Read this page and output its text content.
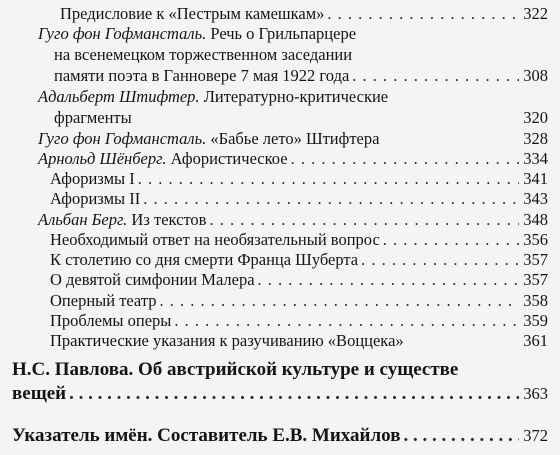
Предисловие к «Пестрым камешкам» . . .	322
Гуго фон Гофмансталь.
Речь о Грильпарцере
на всенемецком торжественном заседании
памяти поэта в Ганновере 7 мая 1922 года . . .	308
Адальберт Штифтер.
Литературно-критические
фрагменты	320
Гуго фон Гофмансталь.
«Бабье лето» Штифтера	328
Арнольд Шёнберг.
Афористическое . . .	334
Афоризмы I . . .	341
Афоризмы II . . .	343
Альбан Берг.
Из текстов . . .	348
Необходимый ответ на необязательный вопрос . . .	356
К столетию со дня смерти Франца Шуберта . . .	357
О девятой симфонии Малера . . .	357
Оперный театр . . .	358
Проблемы оперы . . .	359
Практические указания к разучиванию «Воццека»	361
Н.С. Павлова. Об австрийской культуре и существе
вещей . . .	363
Указатель имён. Составитель Е.В. Михайлов . . .	372
